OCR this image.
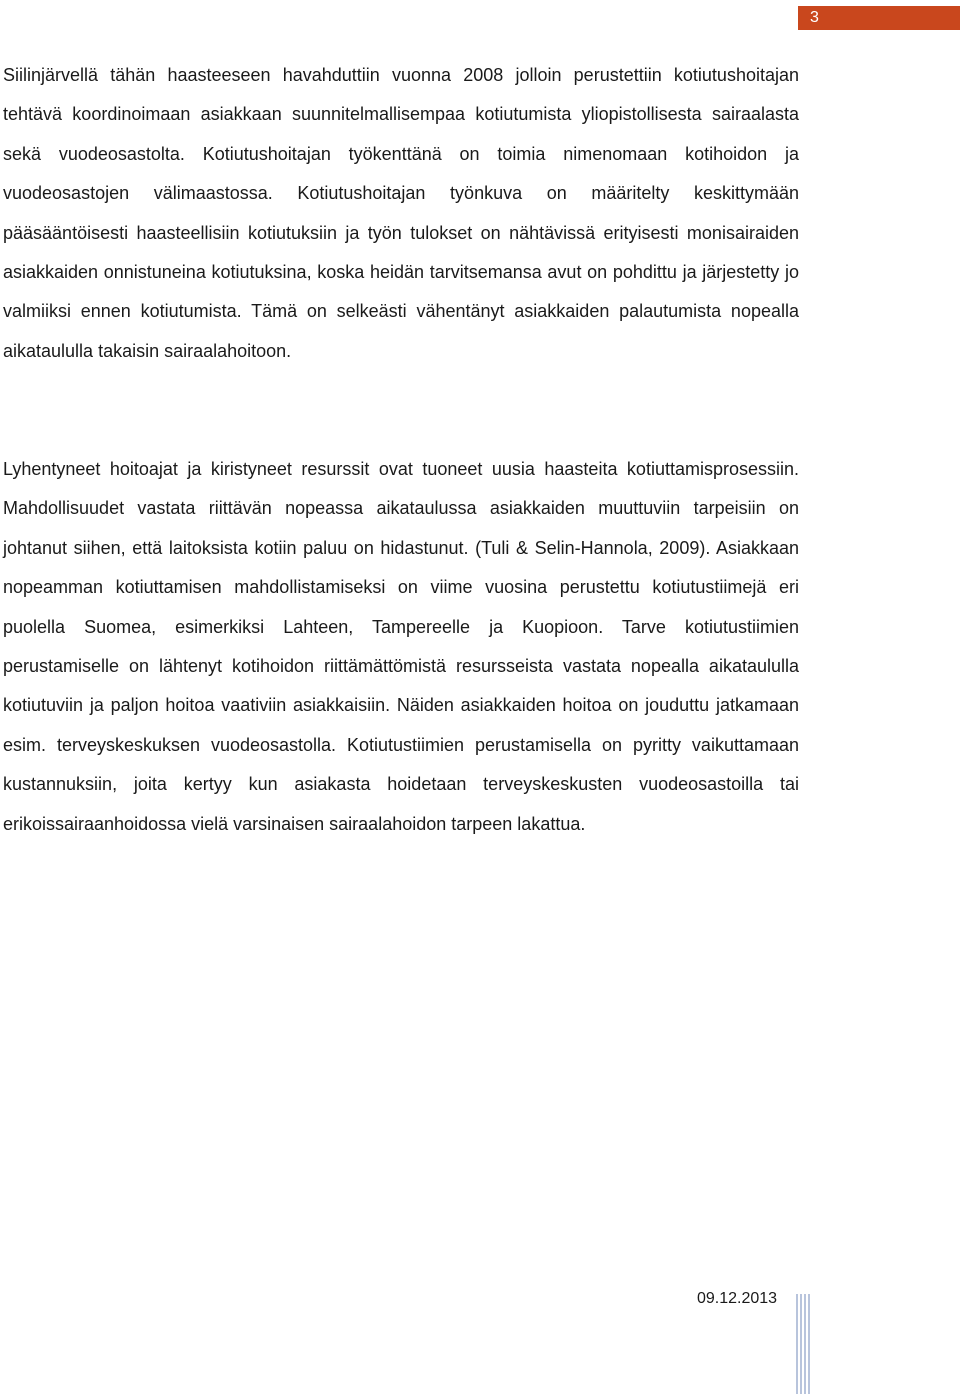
3

Siilinjärvellä tähän haasteeseen havahduttiin vuonna 2008 jolloin perustettiin kotiutushoitajan tehtävä koordinoimaan asiakkaan suunnitelmallisempaa kotiutumista yliopistollisesta sairaalasta sekä vuodeosastolta. Kotiutushoitajan työkenttänä on toimia nimenomaan kotihoidon ja vuodeosastojen välimaastossa. Kotiutushoitajan työnkuva on määritelty keskittymään pääsääntöisesti haasteellisiin kotiutuksiin ja työn tulokset on nähtävissä erityisesti monisairaiden asiakkaiden onnistuneina kotiutuksina, koska heidän tarvitsemansa avut on pohdittu ja järjestetty jo valmiiksi ennen kotiutumista. Tämä on selkeästi vähentänyt asiakkaiden palautumista nopealla aikataululla takaisin sairaalahoitoon.

Lyhentyneet hoitoajat ja kiristyneet resurssit ovat tuoneet uusia haasteita kotiuttamisprosessiin. Mahdollisuudet vastata riittävän nopeassa aikataulussa asiakkaiden muuttuviin tarpeisiin on johtanut siihen, että laitoksista kotiin paluu on hidastunut. (Tuli & Selin-Hannola, 2009). Asiakkaan nopeamman kotiuttamisen mahdollistamiseksi on viime vuosina perustettu kotiutustiimejä eri puolella Suomea, esimerkiksi Lahteen, Tampereelle ja Kuopioon. Tarve kotiutustiimien perustamiselle on lähtenyt kotihoidon riittämättömistä resursseista vastata nopealla aikataululla kotiutuviin ja paljon hoitoa vaativiin asiakkaisiin. Näiden asiakkaiden hoitoa on jouduttu jatkamaan esim. terveyskeskuksen vuodeosastolla. Kotiutustiimien perustamisella on pyritty vaikuttamaan kustannuksiin, joita kertyy kun asiakasta hoidetaan terveyskeskusten vuodeosastoilla tai erikoissairaanhoidossa vielä varsinaisen sairaalahoidon tarpeen lakattua.

09.12.2013
